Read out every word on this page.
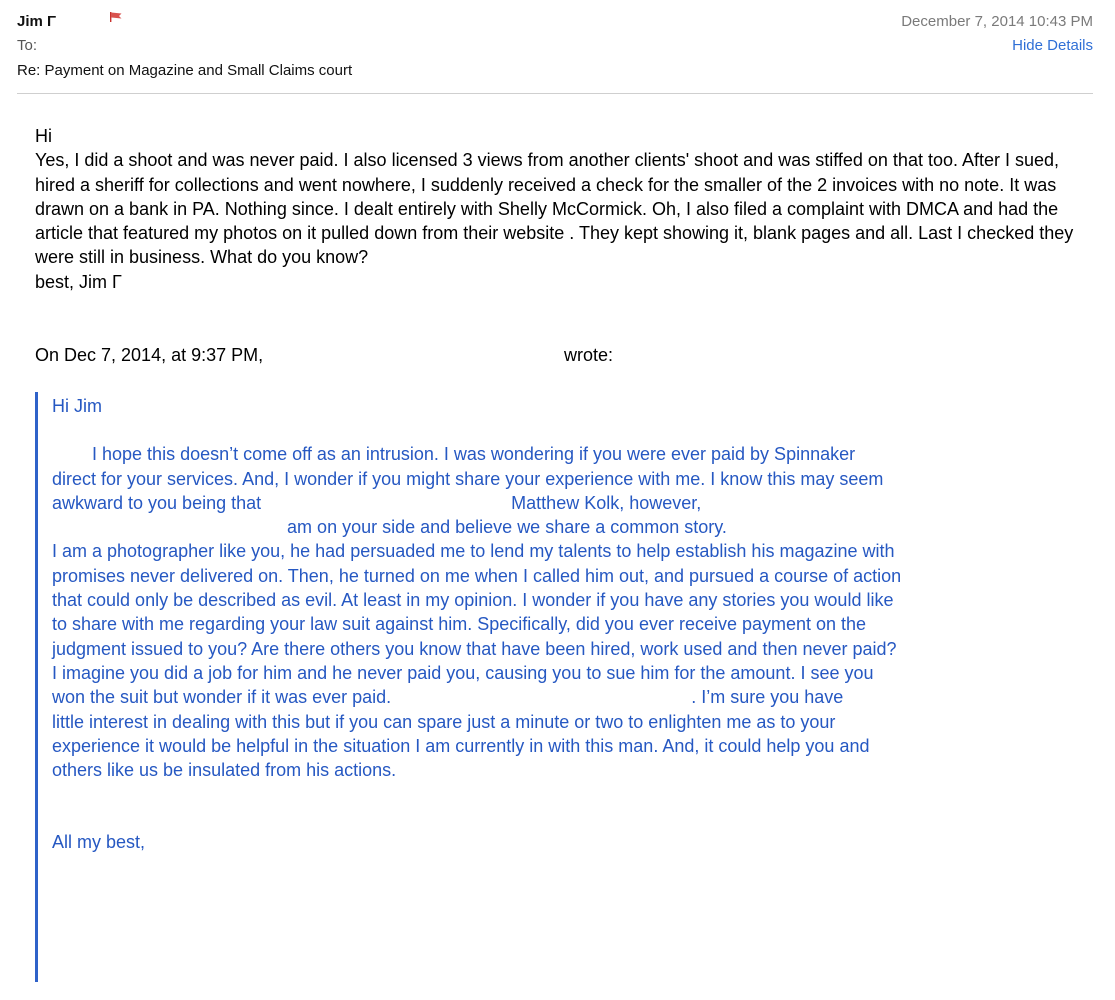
Jim Γ
To:
Re: Payment on Magazine and Small Claims court
December 7, 2014 10:43 PM
Hide Details

Hi

Yes, I did a shoot and was never paid. I also licensed 3 views from another clients' shoot and was stiffed on that too. After I sued, hired a sheriff for collections and went nowhere, I suddenly received a check for the smaller of the 2 invoices with no note. It was drawn on a bank in PA. Nothing since. I dealt entirely with Shelly McCormick. Oh, I also filed a complaint with DMCA and had the article that featured my photos on it pulled down from their website . They kept showing it, blank pages and all. Last I checked they were still in business. What do you know?

best, Jim Γ

On Dec 7, 2014, at 9:37 PM,	wrote:
Hi Jim
I hope this doesn’t come off as an intrusion. I was wondering if you were ever paid by Spinnaker
direct for your services. And, I wonder if you might share your experience with me. I know this may seem
awkward to you being that                                                  Matthew Kolk, however,
am on your side and believe we share a common story.
I am a photographer like you, he had persuaded me to lend my talents to help establish his magazine with
promises never delivered on. Then, he turned on me when I called him out, and pursued a course of action
that could only be described as evil. At least in my opinion. I wonder if you have any stories you would like
to share with me regarding your law suit against him. Specifically, did you ever receive payment on the
judgment issued to you? Are there others you know that have been hired, work used and then never paid?
I imagine you did a job for him and he never paid you, causing you to sue him for the amount. I see you
won the suit but wonder if it was ever paid.                                                            . I’m sure you have
little interest in dealing with this but if you can spare just a minute or two to enlighten me as to your
experience it would be helpful in the situation I am currently in with this man. And, it could help you and
others like us be insulated from his actions.
All my best,
